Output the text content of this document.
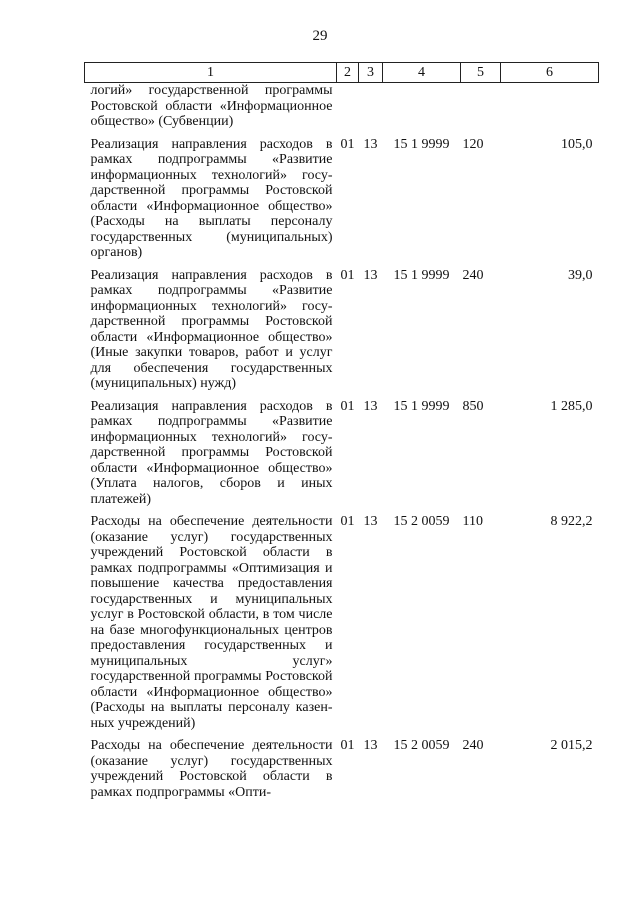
29
1	2	3	4	5	6
логий» государственной программы Ростовской области «Информационное общество» (Субвенции)					
Реализация направления расходов в рамках подпрограммы «Развитие информационных технологий» государственной программы Ростовской области «Информационное общество» (Расходы на выплаты персоналу государственных (муниципальных) органов)	01	13	15 1 9999	120	105,0
Реализация направления расходов в рамках подпрограммы «Развитие информационных технологий» государственной программы Ростовской области «Информационное общество» (Иные закупки товаров, работ и услуг для обеспечения государственных (муниципальных) нужд)	01	13	15 1 9999	240	39,0
Реализация направления расходов в рамках подпрограммы «Развитие информационных технологий» государственной программы Ростовской области «Информационное общество» (Уплата налогов, сборов и иных платежей)	01	13	15 1 9999	850	1 285,0
Расходы на обеспечение деятельности (оказание услуг) государственных учреждений Ростовской области в рамках подпрограммы «Оптимизация и повышение качества предоставления государственных и муниципальных услуг в Ростовской области, в том числе на базе многофункциональных центров предоставления государственных и муниципальных услуг» государственной программы Ростовской области «Информационное общество» (Расходы на выплаты персоналу казенных учреждений)	01	13	15 2 0059	110	8 922,2
Расходы на обеспечение деятельности (оказание услуг) государственных учреждений Ростовской области в рамках подпрограммы «Опти-	01	13	15 2 0059	240	2 015,2
